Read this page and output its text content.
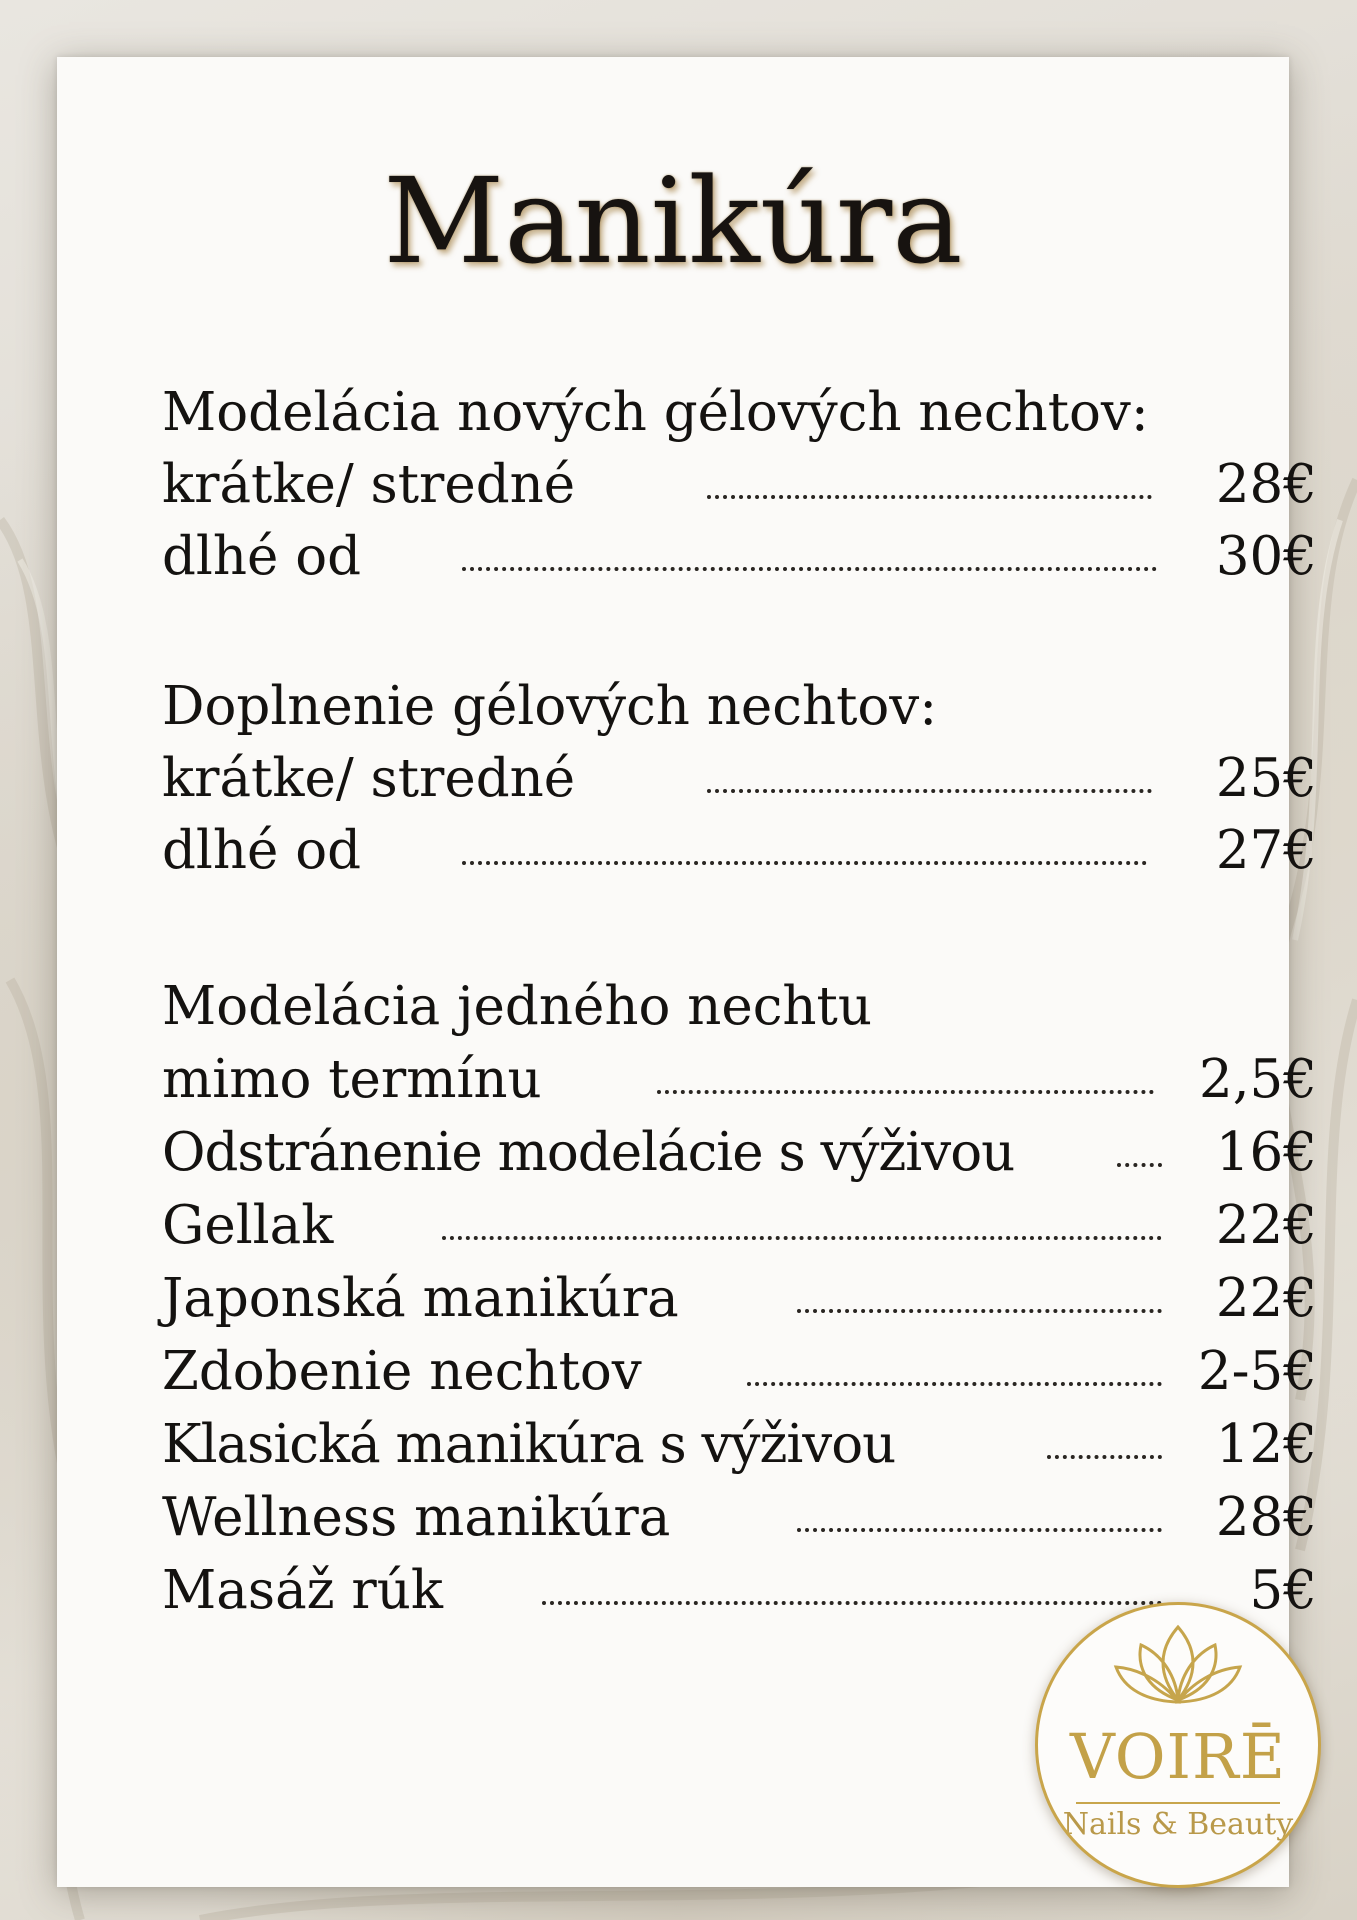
Manikúra
Modelácia nových gélových nechtov:
krátke/ stredné	28€
dlhé od	30€
Doplnenie gélových nechtov:
krátke/ stredné	25€
dlhé od	27€
Modelácia jedného nechtu
mimo termínu	2,5€
Odstránenie modelácie s výživou	16€
Gellak	22€
Japonská manikúra	22€
Zdobenie nechtov	2-5€
Klasická manikúra s výživou	12€
Wellness manikúra	28€
Masáž rúk	5€
VOIRĒ
Nails & Beauty
